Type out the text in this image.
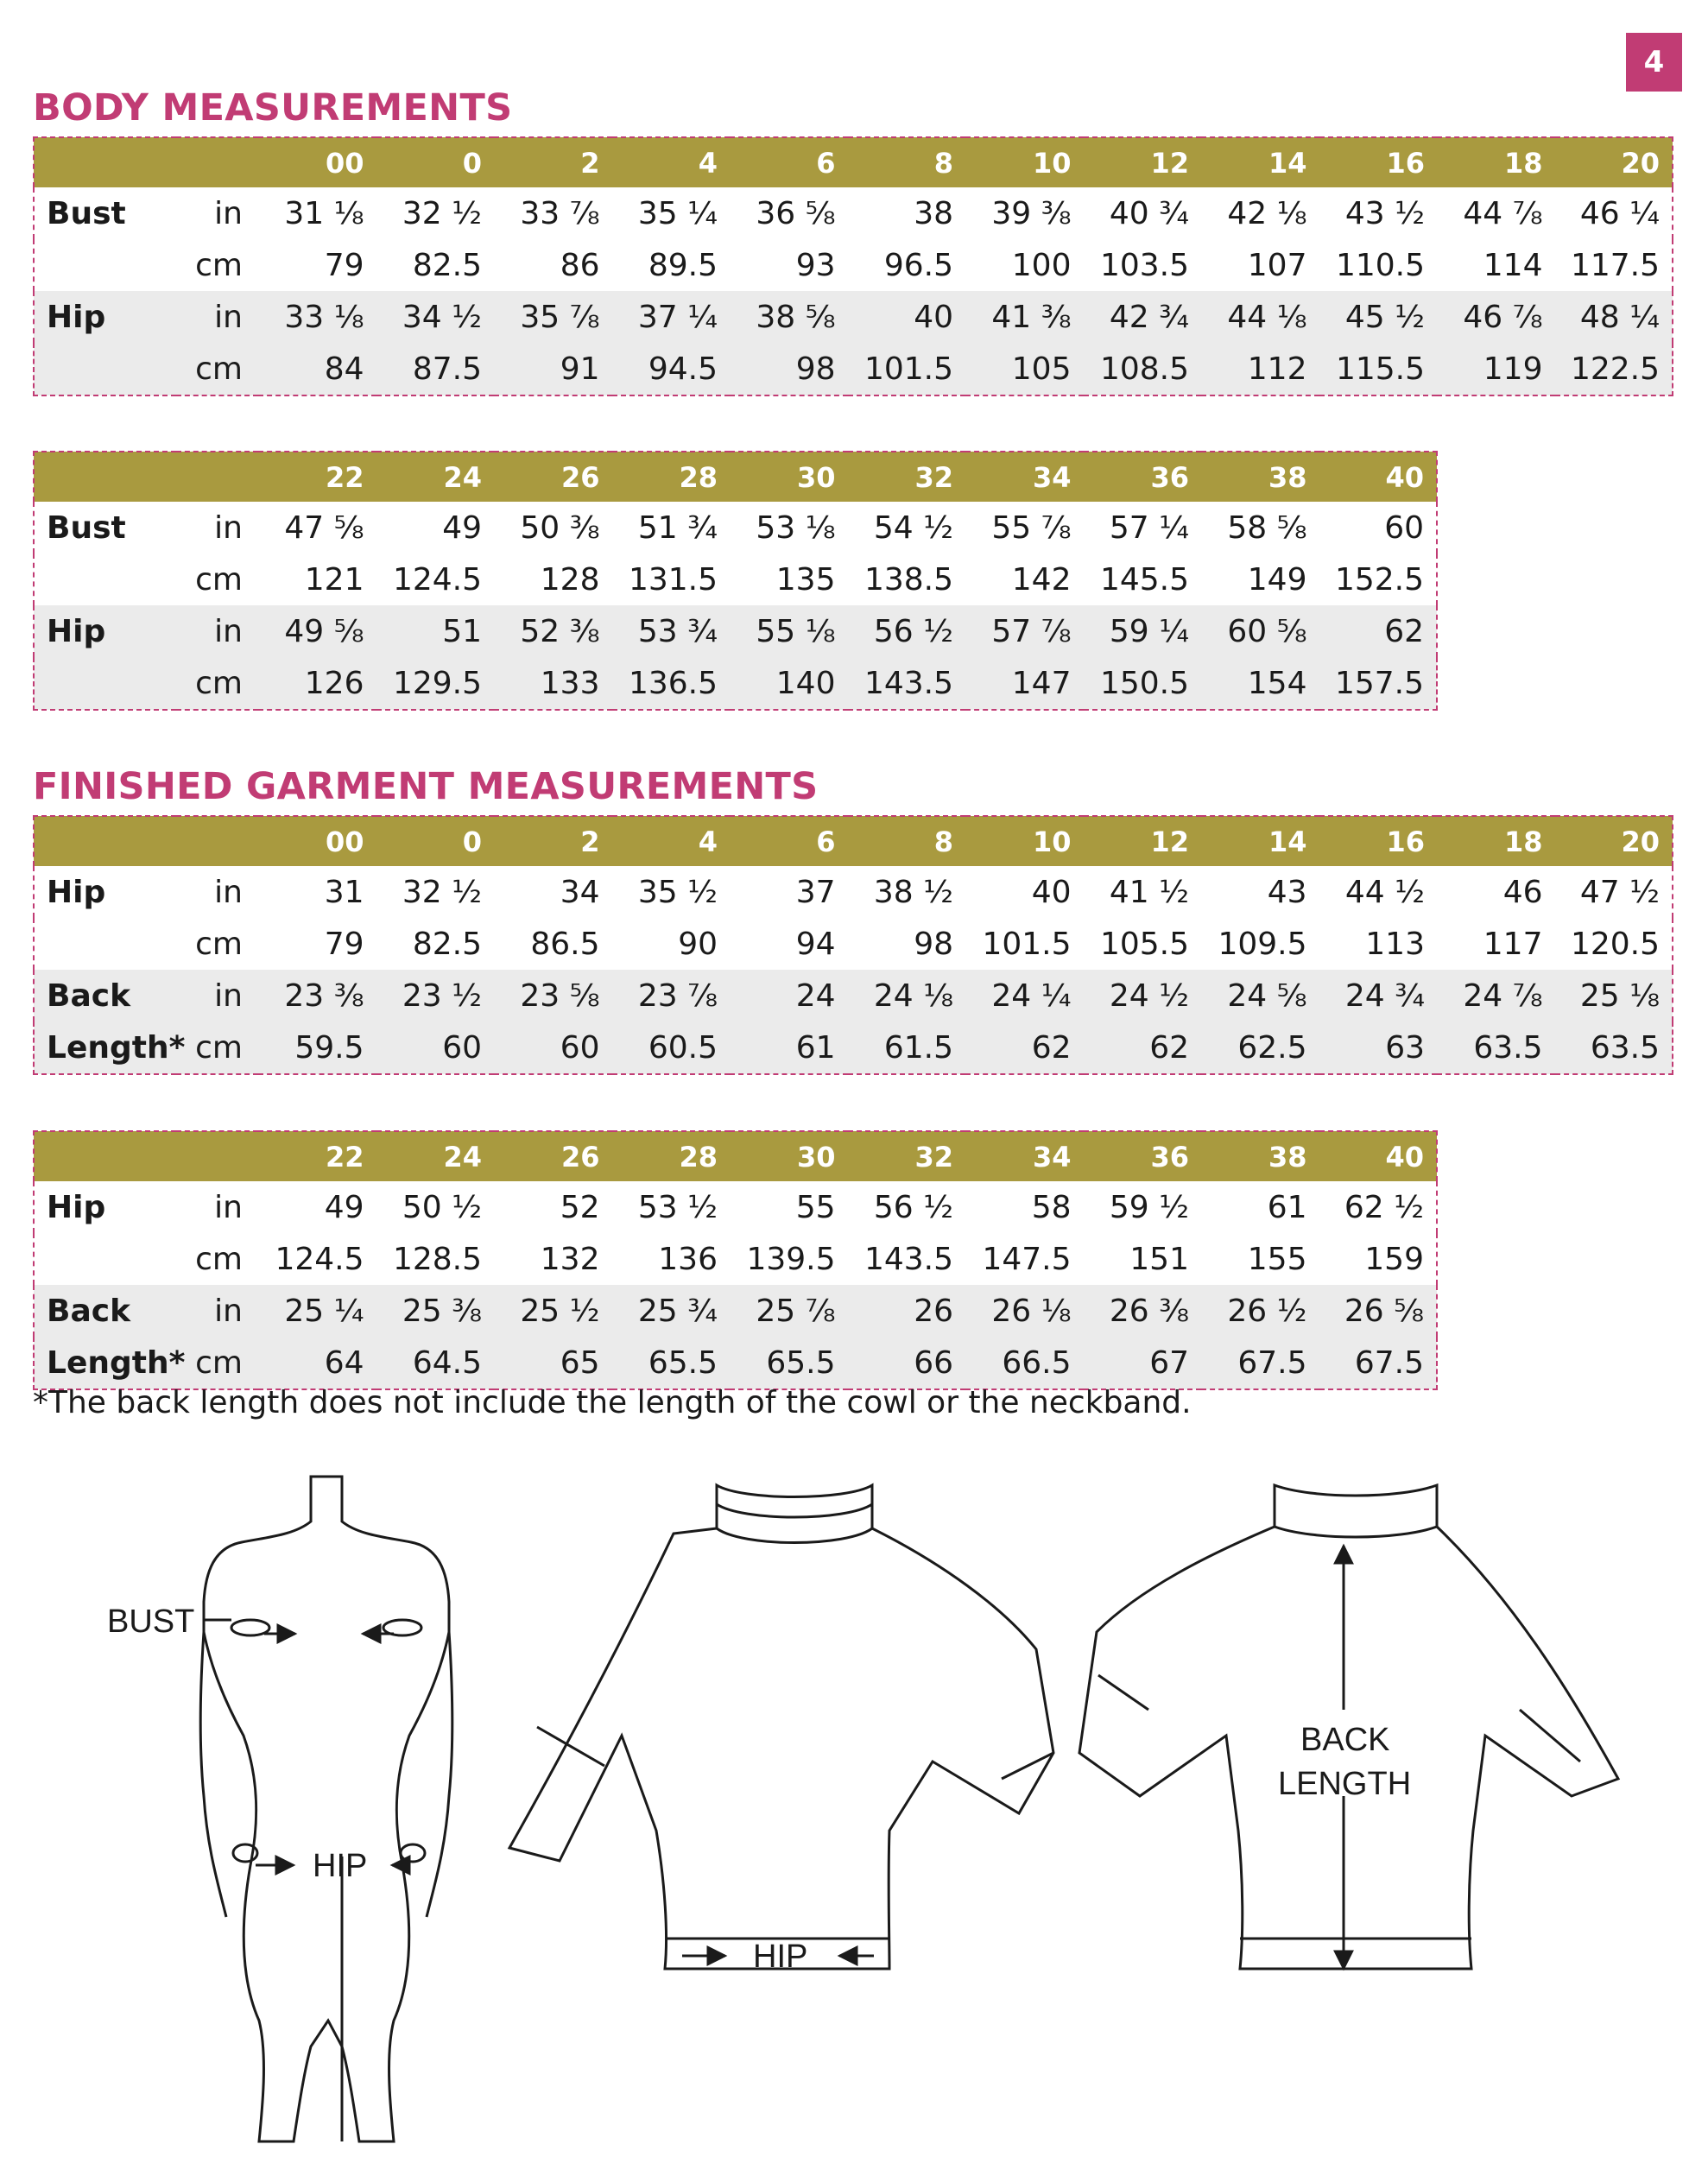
4
BODY MEASUREMENTS
		00	0	2	4	6	8	10	12	14	16	18	20
Bust	in	31 ⅛	32 ½	33 ⅞	35 ¼	36 ⅝	38	39 ⅜	40 ¾	42 ⅛	43 ½	44 ⅞	46 ¼
	cm	79	82.5	86	89.5	93	96.5	100	103.5	107	110.5	114	117.5
Hip	in	33 ⅛	34 ½	35 ⅞	37 ¼	38 ⅝	40	41 ⅜	42 ¾	44 ⅛	45 ½	46 ⅞	48 ¼
	cm	84	87.5	91	94.5	98	101.5	105	108.5	112	115.5	119	122.5
		22	24	26	28	30	32	34	36	38	40
Bust	in	47 ⅝	49	50 ⅜	51 ¾	53 ⅛	54 ½	55 ⅞	57 ¼	58 ⅝	60
	cm	121	124.5	128	131.5	135	138.5	142	145.5	149	152.5
Hip	in	49 ⅝	51	52 ⅜	53 ¾	55 ⅛	56 ½	57 ⅞	59 ¼	60 ⅝	62
	cm	126	129.5	133	136.5	140	143.5	147	150.5	154	157.5
FINISHED GARMENT MEASUREMENTS
		00	0	2	4	6	8	10	12	14	16	18	20
Hip	in	31	32 ½	34	35 ½	37	38 ½	40	41 ½	43	44 ½	46	47 ½
	cm	79	82.5	86.5	90	94	98	101.5	105.5	109.5	113	117	120.5
Back	in	23 ⅜	23 ½	23 ⅝	23 ⅞	24	24 ⅛	24 ¼	24 ½	24 ⅝	24 ¾	24 ⅞	25 ⅛
Length*	cm	59.5	60	60	60.5	61	61.5	62	62	62.5	63	63.5	63.5
		22	24	26	28	30	32	34	36	38	40
Hip	in	49	50 ½	52	53 ½	55	56 ½	58	59 ½	61	62 ½
	cm	124.5	128.5	132	136	139.5	143.5	147.5	151	155	159
Back	in	25 ¼	25 ⅜	25 ½	25 ¾	25 ⅞	26	26 ⅛	26 ⅜	26 ½	26 ⅝
Length*	cm	64	64.5	65	65.5	65.5	66	66.5	67	67.5	67.5

*The back length does not include the length of the cowl or the neckband.

BUST
HIP
HIP
BACK
LENGTH
